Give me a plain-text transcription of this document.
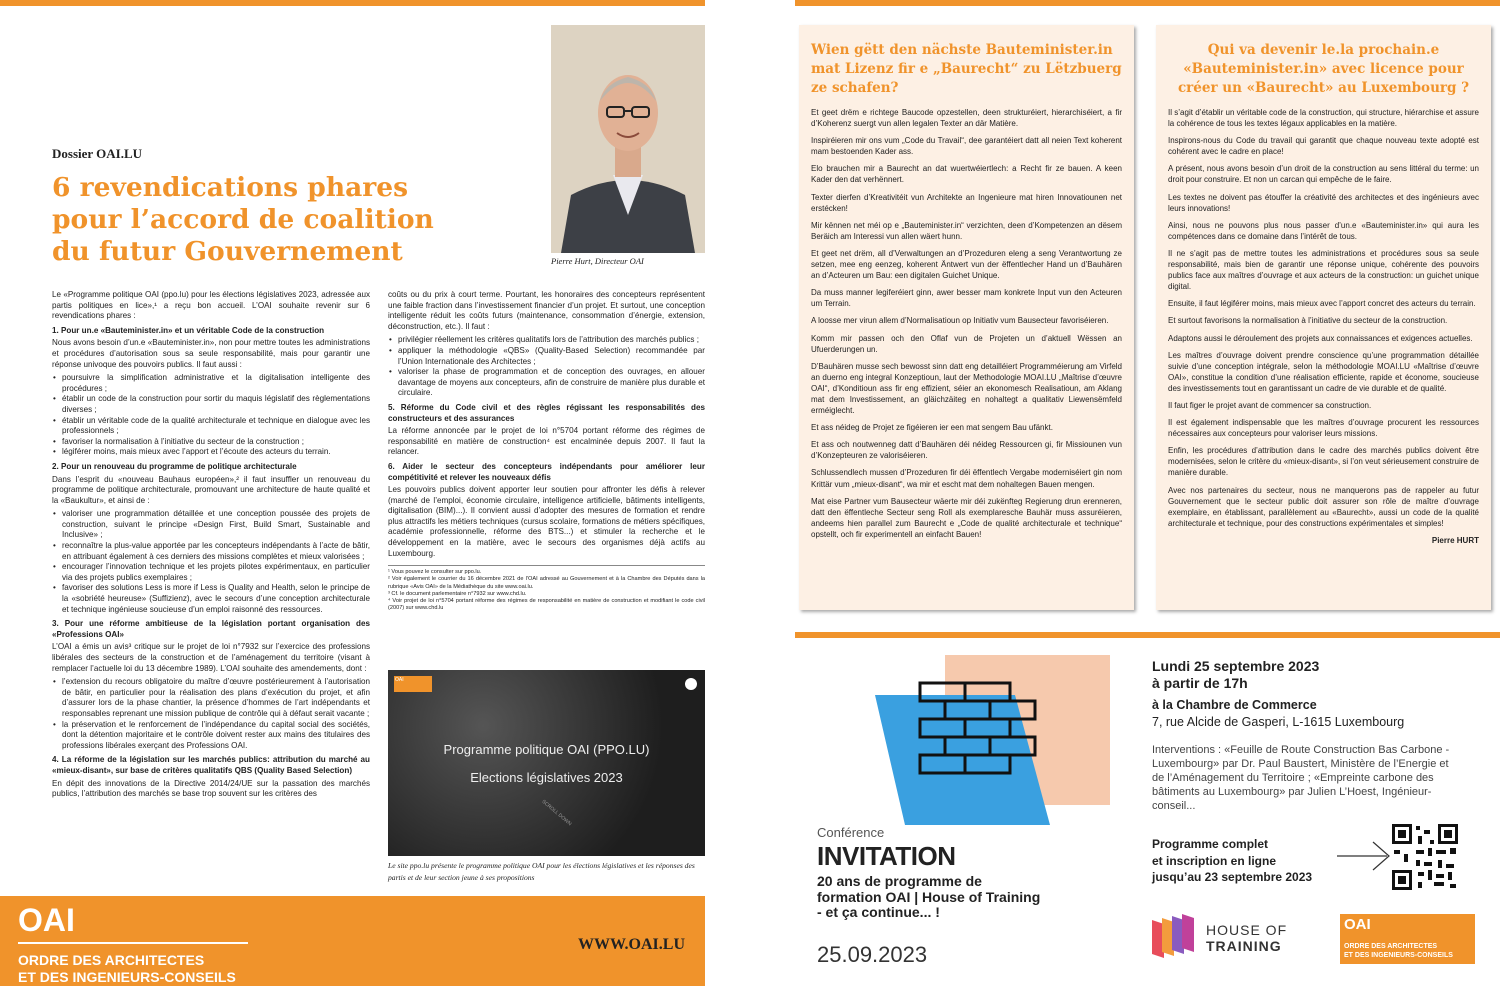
Dossier OAI.LU
6 revendications phares
pour l’accord de coalition
du futur Gouvernement	Pierre Hurt, Directeur OAI

Le «Programme politique OAI (ppo.lu) pour les élections législatives 2023, adressée aux partis politiques en lice»,¹ a reçu bon accueil. L’OAI souhaite revenir sur 6 revendications phares :

1. Pour un.e «Bauteminister.in» et un véritable Code de la construction

Nous avons besoin d’un.e «Bauteminister.in», non pour mettre toutes les administrations et procédures d’autorisation sous sa seule responsabilité, mais pour garantir une réponse univoque des pouvoirs publics. Il faut aussi :

• poursuivre la simplification administrative et la digitalisation intelligente des procédures ;
• établir un code de la construction pour sortir du maquis législatif des règlementations diverses ;
• établir un véritable code de la qualité architecturale et technique en dialogue avec les professionnels ;
• favoriser la normalisation à l’initiative du secteur de la construction ;
• légiférer moins, mais mieux avec l’apport et l’écoute des acteurs du terrain.
2. Pour un renouveau du programme de politique architecturale

Dans l’esprit du «nouveau Bauhaus européen»,² il faut insuffler un renouveau du programme de politique architecturale, promouvant une architecture de haute qualité et la «Baukultur», et ainsi de :

• valoriser une programmation détaillée et une conception poussée des projets de construction, suivant le principe «Design First, Build Smart, Sustainable and Inclusive» ;
• reconnaître la plus-value apportée par les concepteurs indépendants à l’acte de bâtir, en attribuant également à ces derniers des missions complètes et mieux valorisées ;
• encourager l’innovation technique et les projets pilotes expérimentaux, en particulier via des projets publics exemplaires ;
• favoriser des solutions Less is more if Less is Quality and Health, selon le principe de la «sobriété heureuse» (Suffizienz), avec le secours d’une conception architecturale et technique ingénieuse soucieuse d’un emploi raisonné des ressources.
3. Pour une réforme ambitieuse de la législation portant organisation des «Professions OAI»

L’OAI a émis un avis³ critique sur le projet de loi n°7932 sur l’exercice des professions libérales des secteurs de la construction et de l’aménagement du territoire (visant à remplacer l’actuelle loi du 13 décembre 1989). L’OAI souhaite des amendements, dont :

• l’extension du recours obligatoire du maître d’œuvre postérieurement à l’autorisation de bâtir, en particulier pour la réalisation des plans d’exécution du projet, et afin d’assurer lors de la phase chantier, la présence d’hommes de l’art indépendants et responsables reprenant une mission publique de contrôle qui à défaut serait vacante ;
• la préservation et le renforcement de l’indépendance du capital social des sociétés, dont la détention majoritaire et le contrôle doivent rester aux mains des titulaires des professions libérales exerçant des Professions OAI.
4. La réforme de la législation sur les marchés publics: attribution du marché au «mieux-disant», sur base de critères qualitatifs QBS (Quality Based Selection)

En dépit des innovations de la Directive 2014/24/UE sur la passation des marchés publics, l’attribution des marchés se base trop souvent sur les critères des

coûts ou du prix à court terme. Pourtant, les honoraires des concepteurs représentent une faible fraction dans l’investissement financier d’un projet. Et surtout, une conception intelligente réduit les coûts futurs (maintenance, consommation d’énergie, extension, déconstruction, etc.). Il faut :

• privilégier réellement les critères qualitatifs lors de l’attribution des marchés publics ;
• appliquer la méthodologie «QBS» (Quality-Based Selection) recommandée par l’Union Internationale des Architectes ;
• valoriser la phase de programmation et de conception des ouvrages, en allouer davantage de moyens aux concepteurs, afin de construire de manière plus durable et circulaire.
5. Réforme du Code civil et des règles régissant les responsabilités des constructeurs et des assurances

La réforme annoncée par le projet de loi n°5704 portant réforme des régimes de responsabilité en matière de construction⁴ est encalminée depuis 2007. Il faut la relancer.

6. Aider le secteur des concepteurs indépendants pour améliorer leur compétitivité et relever les nouveaux défis

Les pouvoirs publics doivent apporter leur soutien pour affronter les défis à relever (marché de l’emploi, économie circulaire, intelligence artificielle, bâtiments intelligents, digitalisation (BIM)...). Il convient aussi d’adopter des mesures de formation et rendre plus attractifs les métiers techniques (cursus scolaire, formations de métiers spécifiques, académie professionnelle, réforme des BTS...) et stimuler la recherche et le développement en la matière, avec le secours des organismes déjà actifs au Luxembourg.

¹ Vous pouvez le consulter sur ppo.lu.
² Voir également le courrier du 16 décembre 2021 de l’OAI adressé au Gouvernement et à la Chambre des Députés dans la rubrique «Avis OAI» de la Médiathèque du site www.oai.lu.
³ Cf. le document parlementaire n°7932 sur www.chd.lu.
⁴ Voir projet de loi n°5704 portant réforme des régimes de responsabilité en matière de construction et modifiant le code civil (2007) sur www.chd.lu
OAI
Programme politique OAI (PPO.LU)
Elections législatives 2023
SCROLL DOWN
Le site ppo.lu présente le programme politique OAI pour les élections législatives et les réponses des partis et de leur section jeune à ses propositions
OAI
ORDRE DES ARCHITECTES
ET DES INGENIEURS-CONSEILS
WWW.OAI.LU
Wien gëtt den nächste Bauteminister.in mat Lizenz fir e „Baurecht“ zu Lëtzbuerg ze schafen?

Et geet drëm e richtege Baucode opzestellen, deen strukturéiert, hierarchiséiert, a fir d’Koherenz suergt vun allen legalen Texter an där Matière.

Inspiréieren mir ons vum „Code du Travail“, dee garantéiert datt all neien Text koherent mam bestoenden Kader ass.

Elo brauchen mir a Baurecht an dat wuertwéiertlech: a Recht fir ze bauen. A keen Kader den dat verhënnert.

Texter dierfen d’Kreativitéit vun Architekte an Ingenieure mat hiren Innovatiounen net erstécken!

Mir kënnen net méi op e „Bauteminister.in“ verzichten, deen d’Kompetenzen an dësem Beräich am Interessi vun allen wäert hunn.

Et geet net drëm, all d’Verwaltungen an d’Prozeduren eleng a seng Verantwortung ze setzen, mee eng eenzeg, koherent Äntwert vun der ëffentlecher Hand un d’Bauhären an d’Acteuren um Bau: een digitalen Guichet Unique.

Da muss manner legiferéiert ginn, awer besser mam konkrete Input vun den Acteuren um Terrain.

A loosse mer virun allem d’Normalisatioun op Initiativ vum Bausecteur favoriséieren.

Komm mir passen och den Oflaf vun de Projeten un d’aktuell Wëssen an Ufuerderungen un.

D’Bauhären musse sech bewosst sinn datt eng detailléiert Programméierung am Virfeld an duerno eng integral Konzeptioun, laut der Methodologie MOAI.LU „Maîtrise d’œuvre OAI“, d’Konditioun ass fir eng effizient, séier an ekonomesch Realisatioun, am Aklang mat dem Investissement, an gläichzäiteg en nohaltegt a qualitativ Liewensëmfeld erméiglecht.

Et ass néideg de Projet ze figéieren ier een mat sengem Bau ufänkt.

Et ass och noutwenneg datt d’Bauhären déi néideg Ressourcen gi, fir Missiounen vun d’Konzepteuren ze valoriséieren.

Schlussendlech mussen d’Prozeduren fir déi ëffentlech Vergabe moderniséiert gin nom Krittär vum „mieux-disant“, wa mir et escht mat dem nohaltegen Bauen mengen.

Mat eise Partner vum Bausecteur wäerte mir déi zukënfteg Regierung drun erenneren, datt den ëffentleche Secteur seng Roll als exemplaresche Bauhär muss assuréieren, andeems hien parallel zum Baurecht e „Code de qualité architecturale et technique“ opstellt, och fir experimentell an einfacht Bauen!

Qui va devenir le.la prochain.e «Bauteminister.in» avec licence pour créer un «Baurecht» au Luxembourg ?

Il s’agit d’établir un véritable code de la construction, qui structure, hiérarchise et assure la cohérence de tous les textes légaux applicables en la matière.

Inspirons-nous du Code du travail qui garantit que chaque nouveau texte adopté est cohérent avec le cadre en place!

A présent, nous avons besoin d’un droit de la construction au sens littéral du terme: un droit pour construire. Et non un carcan qui empêche de le faire.

Les textes ne doivent pas étouffer la créativité des architectes et des ingénieurs avec leurs innovations!

Ainsi, nous ne pouvons plus nous passer d’un.e «Bauteminister.in» qui aura les compétences dans ce domaine dans l’intérêt de tous.

Il ne s’agit pas de mettre toutes les administrations et procédures sous sa seule responsabilité, mais bien de garantir une réponse unique, cohérente des pouvoirs publics face aux maîtres d’ouvrage et aux acteurs de la construction: un guichet unique digital.

Ensuite, il faut légiférer moins, mais mieux avec l’apport concret des acteurs du terrain.

Et surtout favorisons la normalisation à l’initiative du secteur de la construction.

Adaptons aussi le déroulement des projets aux connaissances et exigences actuelles.

Les maîtres d’ouvrage doivent prendre conscience qu’une programmation détaillée suivie d’une conception intégrale, selon la méthodologie MOAI.LU «Maîtrise d’œuvre OAI», constitue la condition d’une réalisation efficiente, rapide et économe, soucieuse des investissements tout en garantissant un cadre de vie durable et de qualité.

Il faut figer le projet avant de commencer sa construction.

Il est également indispensable que les maîtres d’ouvrage procurent les ressources nécessaires aux concepteurs pour valoriser leurs missions.

Enfin, les procédures d’attribution dans le cadre des marchés publics doivent être modernisées, selon le critère du «mieux-disant», si l’on veut sérieusement construire de manière durable.

Avec nos partenaires du secteur, nous ne manquerons pas de rappeler au futur Gouvernement que le secteur public doit assurer son rôle de maître d’ouvrage exemplaire, en établissant, parallèlement au «Baurecht», aussi un code de la qualité architecturale et technique, pour des constructions expérimentales et simples!

Pierre HURT

Conférence
INVITATION
20 ans de programme de formation OAI | House of Training - et ça continue... !
25.09.2023
Lundi 25 septembre 2023
à partir de 17h
à la Chambre de Commerce
7, rue Alcide de Gasperi, L-1615 Luxembourg
Interventions : «Feuille de Route Construction Bas Carbone - Luxembourg» par Dr. Paul Baustert, Ministère de l’Energie et de l’Aménagement du Territoire ; «Empreinte carbone des bâtiments au Luxembourg» par Julien L’Hoest, Ingénieur-conseil...
Programme complet
et inscription en ligne
jusqu’au 23 septembre 2023
HOUSE OF
TRAINING
OAI
ORDRE DES ARCHITECTES
ET DES INGENIEURS-CONSEILS
